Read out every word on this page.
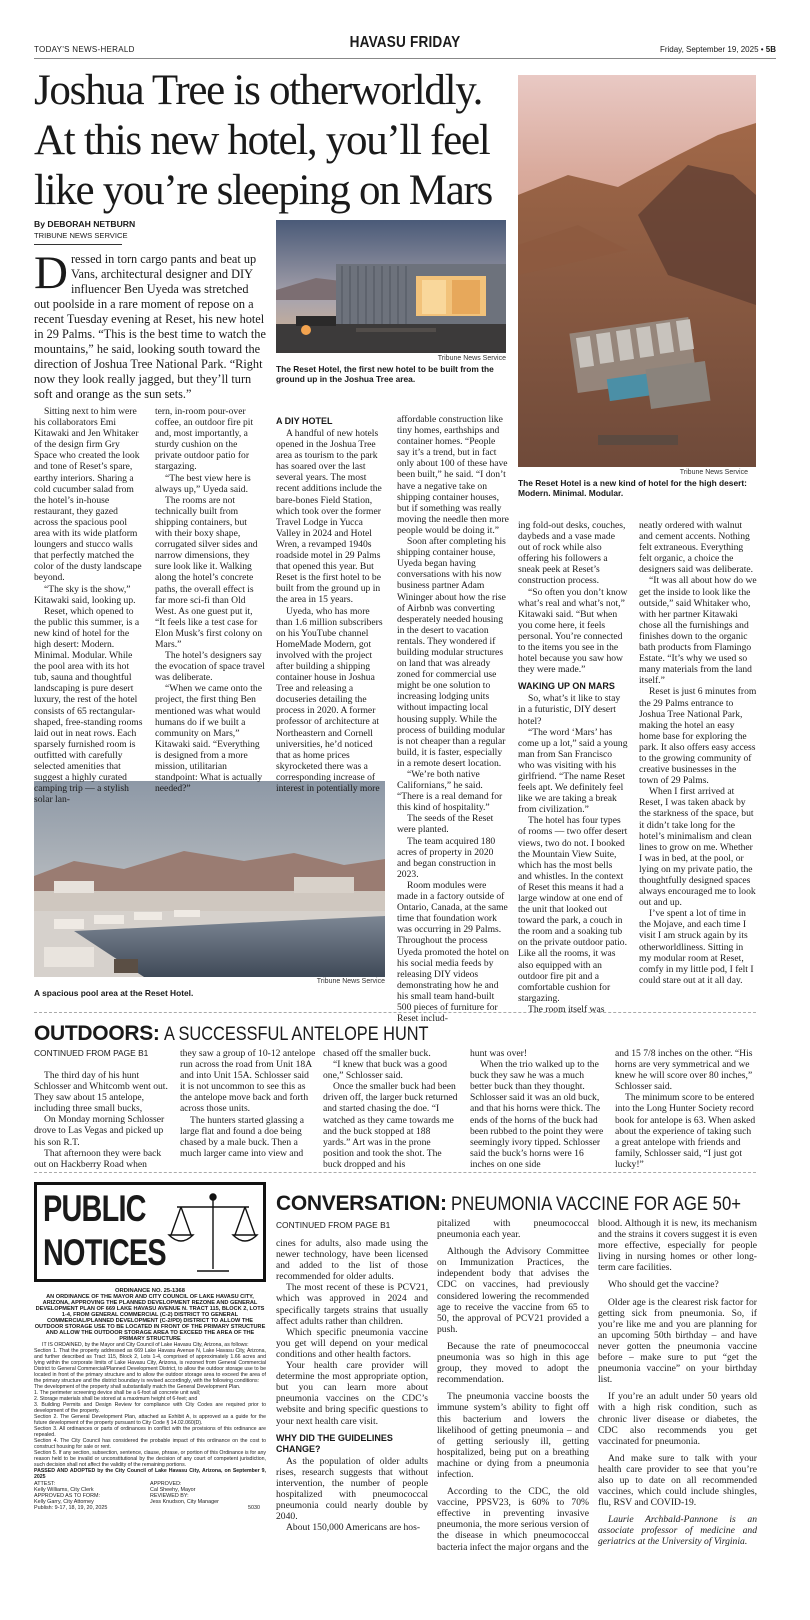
TODAY'S NEWS-HERALD	HAVASU FRIDAY	Friday, September 19, 2025 • 5B
Joshua Tree is otherworldly. At this new hotel, you’ll feel like you’re sleeping on Mars
By DEBORAH NETBURN
TRIBUNE NEWS SERVICE
D ressed in torn cargo pants and beat up Vans, architectural designer and DIY influencer Ben Uyeda was stretched out poolside in a rare moment of repose on a recent Tuesday evening at Reset, his new hotel in 29 Palms. “This is the best time to watch the mountains,” he said, looking south toward the direction of Joshua Tree National Park. “Right now they look really jagged, but they’ll turn soft and orange as the sun sets.”
Tribune News Service
The Reset Hotel, the first new hotel to be built from the ground up in the Joshua Tree area.
Tribune News Service
The Reset Hotel is a new kind of hotel for the high desert: Modern. Minimal. Modular.
Tribune News Service
A spacious pool area at the Reset Hotel.

Sitting next to him were his collaborators Emi Kitawaki and Jen Whitaker of the design firm Gry Space who created the look and tone of Reset’s spare, earthy interiors. Sharing a cold cucumber salad from the hotel’s in-house restaurant, they gazed across the spacious pool area with its wide platform loungers and stucco walls that perfectly matched the color of the dusty landscape beyond.

“The sky is the show,” Kitawaki said, looking up.

Reset, which opened to the public this summer, is a new kind of hotel for the high desert: Modern. Minimal. Modular. While the pool area with its hot tub, sauna and thoughtful landscaping is pure desert luxury, the rest of the hotel consists of 65 rectangular-shaped, free-standing rooms laid out in neat rows. Each sparsely furnished room is outfitted with carefully selected amenities that suggest a highly curated camping trip — a stylish solar lan-

tern, in-room pour-over coffee, an outdoor fire pit and, most importantly, a sturdy cushion on the private outdoor patio for stargazing.

“The best view here is always up,” Uyeda said.

The rooms are not technically built from shipping containers, but with their boxy shape, corrugated silver sides and narrow dimensions, they sure look like it. Walking along the hotel’s concrete paths, the overall effect is far more sci-fi than Old West. As one guest put it, “It feels like a test case for Elon Musk’s first colony on Mars.”

The hotel’s designers say the evocation of space travel was deliberate.

“When we came onto the project, the first thing Ben mentioned was what would humans do if we built a community on Mars,” Kitawaki said. “Everything is designed from a more mission, utilitarian standpoint: What is actually needed?”

A DIY HOTEL

A handful of new hotels opened in the Joshua Tree area as tourism to the park has soared over the last several years. The most recent additions include the bare-bones Field Station, which took over the former Travel Lodge in Yucca Valley in 2024 and Hotel Wren, a revamped 1940s roadside motel in 29 Palms that opened this year. But Reset is the first hotel to be built from the ground up in the area in 15 years.

Uyeda, who has more than 1.6 million subscribers on his YouTube channel HomeMade Modern, got involved with the project after building a shipping container house in Joshua Tree and releasing a docuseries detailing the process in 2020. A former professor of architecture at Northeastern and Cornell universities, he’d noticed that as home prices skyrocketed there was a corresponding increase of interest in potentially more

affordable construction like tiny homes, earthships and container homes. “People say it’s a trend, but in fact only about 100 of these have been built,” he said. “I don’t have a negative take on shipping container houses, but if something was really moving the needle then more people would be doing it.”

Soon after completing his shipping container house, Uyeda began having conversations with his now business partner Adam Wininger about how the rise of Airbnb was converting desperately needed housing in the desert to vacation rentals. They wondered if building modular structures on land that was already zoned for commercial use might be one solution to increasing lodging units without impacting local housing supply. While the process of building modular is not cheaper than a regular build, it is faster, especially in a remote desert location.

“We’re both native Californians,” he said. “There is a real demand for this kind of hospitality.”

The seeds of the Reset were planted.

The team acquired 180 acres of property in 2020 and began construction in 2023.

Room modules were made in a factory outside of Ontario, Canada, at the same time that foundation work was occurring in 29 Palms. Throughout the process Uyeda promoted the hotel on his social media feeds by releasing DIY videos demonstrating how he and his small team hand-built 500 pieces of furniture for Reset includ-

ing fold-out desks, couches, daybeds and a vase made out of rock while also offering his followers a sneak peek at Reset’s construction process.

“So often you don’t know what’s real and what’s not,” Kitawaki said. “But when you come here, it feels personal. You’re connected to the items you see in the hotel because you saw how they were made.”

WAKING UP ON MARS

So, what’s it like to stay in a futuristic, DIY desert hotel?

“The word ‘Mars’ has come up a lot,” said a young man from San Francisco who was visiting with his girlfriend. “The name Reset feels apt. We definitely feel like we are taking a break from civilization.”

The hotel has four types of rooms — two offer desert views, two do not. I booked the Mountain View Suite, which has the most bells and whistles. In the context of Reset this means it had a large window at one end of the unit that looked out toward the park, a couch in the room and a soaking tub on the private outdoor patio. Like all the rooms, it was also equipped with an outdoor fire pit and a comfortable cushion for stargazing.

The room itself was

neatly ordered with walnut and cement accents. Nothing felt extraneous. Everything felt organic, a choice the designers said was deliberate.

“It was all about how do we get the inside to look like the outside,” said Whitaker who, with her partner Kitawaki chose all the furnishings and finishes down to the organic bath products from Flamingo Estate. “It’s why we used so many materials from the land itself.”

Reset is just 6 minutes from the 29 Palms entrance to Joshua Tree National Park, making the hotel an easy home base for exploring the park. It also offers easy access to the growing community of creative businesses in the town of 29 Palms.

When I first arrived at Reset, I was taken aback by the starkness of the space, but it didn’t take long for the hotel’s minimalism and clean lines to grow on me. Whether I was in bed, at the pool, or lying on my private patio, the thoughtfully designed spaces always encouraged me to look out and up.

I’ve spent a lot of time in the Mojave, and each time I visit I am struck again by its otherworldliness. Sitting in my modular room at Reset, comfy in my little pod, I felt I could stare out at it all day.

OUTDOORS: A SUCCESSFUL ANTELOPE HUNT
CONTINUED FROM PAGE B1

The third day of his hunt Schlosser and Whitcomb went out. They saw about 15 antelope, including three small bucks,

On Monday morning Schlosser drove to Las Vegas and picked up his son R.T.

That afternoon they were back out on Hackberry Road when

they saw a group of 10-12 antelope run across the road from Unit 18A and into Unit 15A. Schlosser said it is not uncommon to see this as the antelope move back and forth across those units.

The hunters started glassing a large flat and found a doe being chased by a male buck. Then a much larger came into view and

chased off the smaller buck.

“I knew that buck was a good one,” Schlosser said.

Once the smaller buck had been driven off, the larger buck returned and started chasing the doe. “I watched as they came towards me and the buck stopped at 188 yards.” Art was in the prone position and took the shot. The buck dropped and his

hunt was over!

When the trio walked up to the buck they saw he was a much better buck than they thought. Schlosser said it was an old buck, and that his horns were thick. The ends of the horns of the buck had been rubbed to the point they were seemingly ivory tipped. Schlosser said the buck’s horns were 16 inches on one side

and 15 7/8 inches on the other. “His horns are very symmetrical and we knew he will score over 80 inches,” Schlosser said.

The minimum score to be entered into the Long Hunter Society record book for antelope is 63. When asked about the experience of taking such a great antelope with friends and family, Schlosser said, “I just got lucky!”

PUBLIC NOTICES

ORDINANCE NO. 25-1368

AN ORDINANCE OF THE MAYOR AND CITY COUNCIL OF LAKE HAVASU CITY, ARIZONA, APPROVING THE PLANNED DEVELOPMENT REZONE AND GENERAL DEVELOPMENT PLAN OF 669 LAKE HAVASU AVENUE N. TRACT 115, BLOCK 2, LOTS 1-4, FROM GENERAL COMMERCIAL (C-2) DISTRICT TO GENERAL COMMERCIAL/PLANNED DEVELOPMENT (C-2/PD) DISTRICT TO ALLOW THE OUTDOOR STORAGE USE TO BE LOCATED IN FRONT OF THE PRIMARY STRUCTURE AND ALLOW THE OUTDOOR STORAGE AREA TO EXCEED THE AREA OF THE PRIMARY STRUCTURE

IT IS ORDAINED, by the Mayor and City Council of Lake Havasu City, Arizona, as follows:

Section 1. That the property addressed as 669 Lake Havasu Avenue N, Lake Havasu City, Arizona, and further described as Tract 115, Block 2, Lots 1-4, comprised of approximately 1.66 acres and lying within the corporate limits of Lake Havasu City, Arizona, is rezoned from General Commercial District to General Commercial/Planned Development District, to allow the outdoor storage use to be located in front of the primary structure and to allow the outdoor storage area to exceed the area of the primary structure and the district boundary is revised accordingly, with the following conditions:

The development of the property shall substantially match the General Development Plan.

1. The perimeter screening device shall be a 6-foot all concrete unit wall;

2. Storage materials shall be stored at a maximum height of 6-feet; and

3. Building Permits and Design Review for compliance with City Codes are required prior to development of the property.

Section 2. The General Development Plan, attached as Exhibit A, is approved as a guide for the future development of the property pursuant to City Code § 14.02.060(D).

Section 3. All ordinances or parts of ordinances in conflict with the provisions of this ordinance are repealed.

Section 4. The City Council has considered the probable impact of this ordinance on the cost to construct housing for sale or rent.

Section 5. If any section, subsection, sentence, clause, phrase, or portion of this Ordinance is for any reason held to be invalid or unconstitutional by the decision of any court of competent jurisdiction, such decision shall not affect the validity of the remaining portions.

PASSED AND ADOPTED by the City Council of Lake Havasu City, Arizona, on September 9, 2025

ATTEST:
Kelly Williams, City Clerk
APPROVED AS TO FORM:
Kelly Garry, City Attorney
Publish: 9-17, 18, 19, 20, 2025
APPROVED:
Cal Sheehy, Mayor
REVIEWED BY:
Jess Knudson, City Manager
5030
CONVERSATION: PNEUMONIA VACCINE FOR AGE 50+
CONTINUED FROM PAGE B1

cines for adults, also made using the newer technology, have been licensed and added to the list of those recommended for older adults.

The most recent of these is PCV21, which was approved in 2024 and specifically targets strains that usually affect adults rather than children.

Which specific pneumonia vaccine you get will depend on your medical conditions and other health factors.

Your health care provider will determine the most appropriate option, but you can learn more about pneumonia vaccines on the CDC’s website and bring specific questions to your next health care visit.

WHY DID THE GUIDELINES CHANGE?

As the population of older adults rises, research suggests that without intervention, the number of people hospitalized with pneumococcal pneumonia could nearly double by 2040.

About 150,000 Americans are hos-

pitalized with pneumococcal pneumonia each year.

Although the Advisory Committee on Immunization Practices, the independent body that advises the CDC on vaccines, had previously considered lowering the recommended age to receive the vaccine from 65 to 50, the approval of PCV21 provided a push.

Because the rate of pneumococcal pneumonia was so high in this age group, they moved to adopt the recommendation.

The pneumonia vaccine boosts the immune system’s ability to fight off this bacterium and lowers the likelihood of getting pneumonia – and of getting seriously ill, getting hospitalized, being put on a breathing machine or dying from a pneumonia infection.

According to the CDC, the old vaccine, PPSV23, is 60% to 70% effective in preventing invasive pneumonia, the more serious version of the disease in which pneumococcal bacteria infect the major organs and the

blood. Although it is new, its mechanism and the strains it covers suggest it is even more effective, especially for people living in nursing homes or other long-term care facilities.

Who should get the vaccine?

Older age is the clearest risk factor for getting sick from pneumonia. So, if you’re like me and you are planning for an upcoming 50th birthday – and have never gotten the pneumonia vaccine before – make sure to put “get the pneumonia vaccine” on your birthday list.

If you’re an adult under 50 years old with a high risk condition, such as chronic liver disease or diabetes, the CDC also recommends you get vaccinated for pneumonia.

And make sure to talk with your health care provider to see that you’re also up to date on all recommended vaccines, which could include shingles, flu, RSV and COVID-19.

Laurie Archbald-Pannone is an associate professor of medicine and geriatrics at the University of Virginia.
